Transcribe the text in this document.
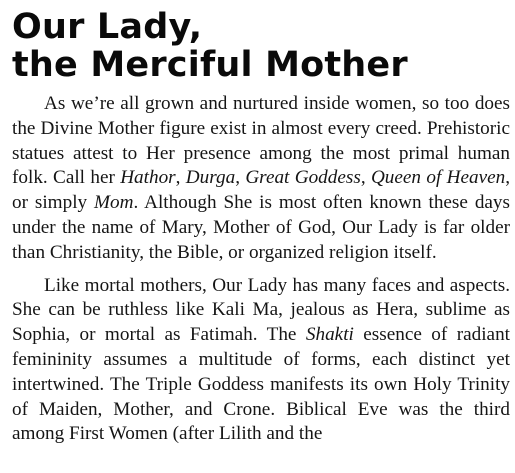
Our Lady,
the Merciful Mother

As we’re all grown and nurtured inside women, so too does the Divine Mother figure exist in almost every creed. Prehistoric statues attest to Her presence among the most primal human folk. Call her Hathor, Durga, Great Goddess, Queen of Heaven, or simply Mom. Although She is most often known these days under the name of Mary, Mother of God, Our Lady is far older than Christianity, the Bible, or organized religion itself.

Like mortal mothers, Our Lady has many faces and aspects. She can be ruthless like Kali Ma, jealous as Hera, sublime as Sophia, or mortal as Fatimah. The Shakti essence of radiant femininity assumes a multitude of forms, each distinct yet intertwined. The Triple Goddess manifests its own Holy Trinity of Maiden, Mother, and Crone. Biblical Eve was the third among First Women (after Lilith and the
